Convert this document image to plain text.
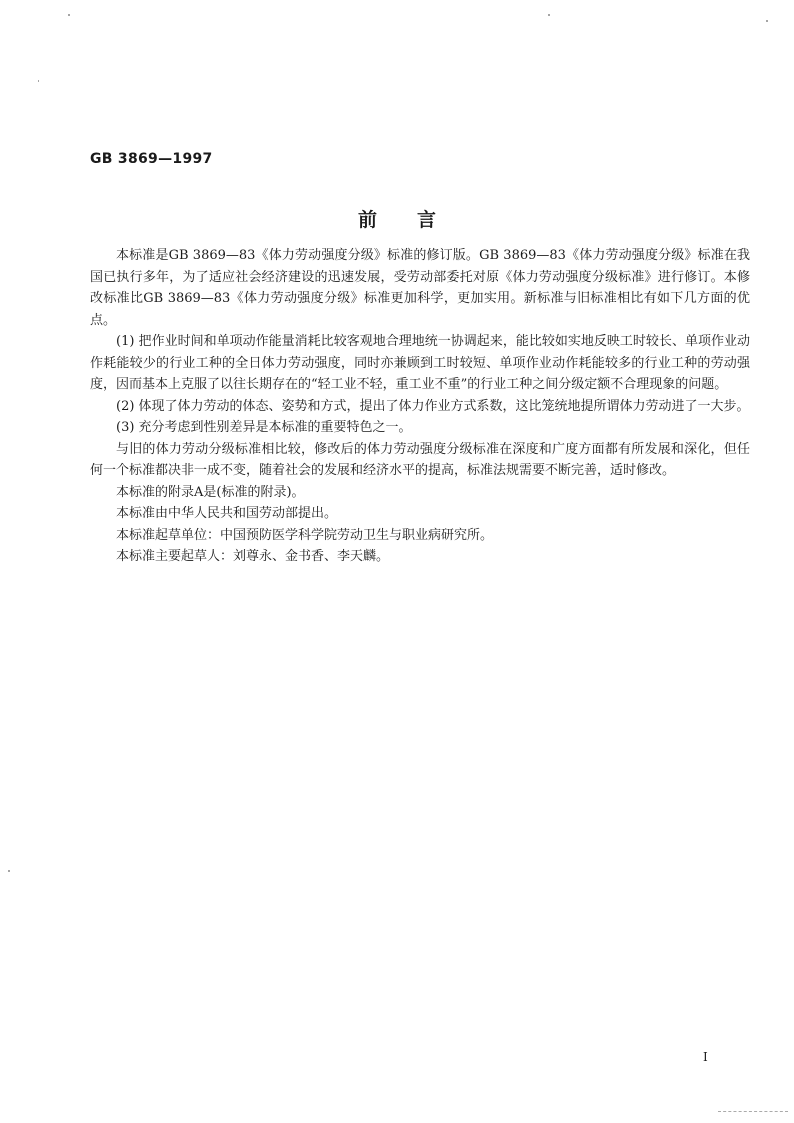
GB 3869—1997
前言

本标准是GB 3869—83《体力劳动强度分级》标准的修订版。GB 3869—83《体力劳动强度分级》标准在我国已执行多年，为了适应社会经济建设的迅速发展，受劳动部委托对原《体力劳动强度分级标准》进行修订。本修改标准比GB 3869—83《体力劳动强度分级》标准更加科学，更加实用。新标准与旧标准相比有如下几方面的优点。

(1) 把作业时间和单项动作能量消耗比较客观地合理地统一协调起来，能比较如实地反映工时较长、单项作业动作耗能较少的行业工种的全日体力劳动强度，同时亦兼顾到工时较短、单项作业动作耗能较多的行业工种的劳动强度，因而基本上克服了以往长期存在的“轻工业不轻，重工业不重”的行业工种之间分级定额不合理现象的问题。

(2) 体现了体力劳动的体态、姿势和方式，提出了体力作业方式系数，这比笼统地提所谓体力劳动进了一大步。

(3) 充分考虑到性别差异是本标准的重要特色之一。

与旧的体力劳动分级标准相比较，修改后的体力劳动强度分级标准在深度和广度方面都有所发展和深化，但任何一个标准都决非一成不变，随着社会的发展和经济水平的提高，标准法规需要不断完善，适时修改。

本标准的附录A是(标准的附录)。

本标准由中华人民共和国劳动部提出。

本标准起草单位：中国预防医学科学院劳动卫生与职业病研究所。

本标准主要起草人：刘尊永、金书香、李天麟。

I
